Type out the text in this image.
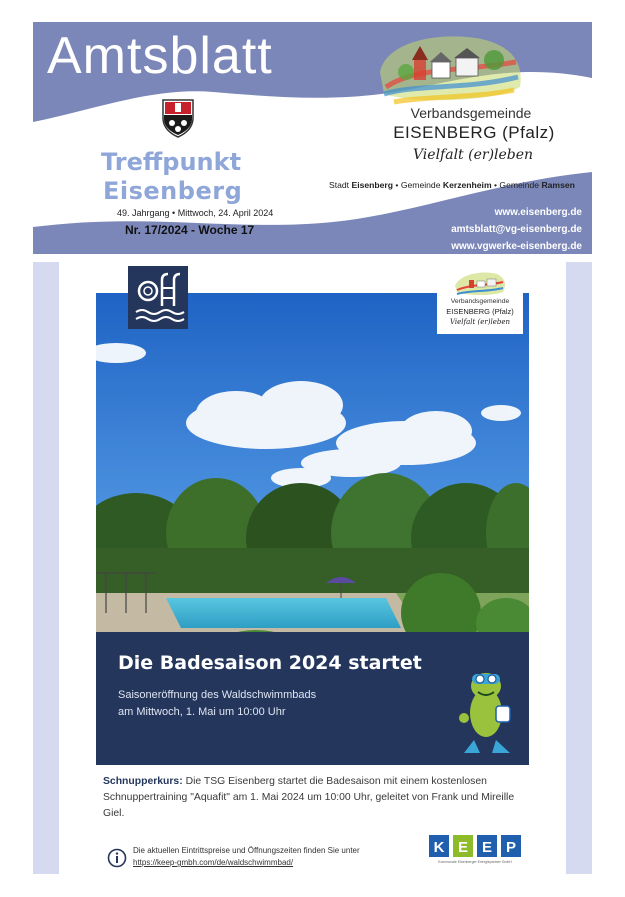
Amtsblatt
Treffpunkt
Eisenberg
49. Jahrgang • Mittwoch, 24. April 2024
Nr. 17/2024 - Woche 17
Verbandsgemeinde
EISENBERG (Pfalz)
Vielfalt (er)leben
Stadt Eisenberg • Gemeinde Kerzenheim • Gemeinde Ramsen
www.eisenberg.de
amtsblatt@vg-eisenberg.de
www.vgwerke-eisenberg.de
Verbandsgemeinde
EISENBERG (Pfalz)
Vielfalt (er)leben
Die Badesaison 2024 startet
Saisoneröffnung des Waldschwimmbads
am Mittwoch, 1. Mai um 10:00 Uhr
Schnupperkurs: Die TSG Eisenberg startet die Badesaison mit einem kostenlosen Schnuppertraining "Aquafit" am 1. Mai 2024 um 10:00 Uhr, geleitet von Frank und Mireille Giel.
Die aktuellen Eintrittspreise und Öffnungszeiten finden Sie unter
https://keep-gmbh.com/de/waldschwimmbad/
K E E P
Kommunale Eisenberger Energiepartner GmbH
